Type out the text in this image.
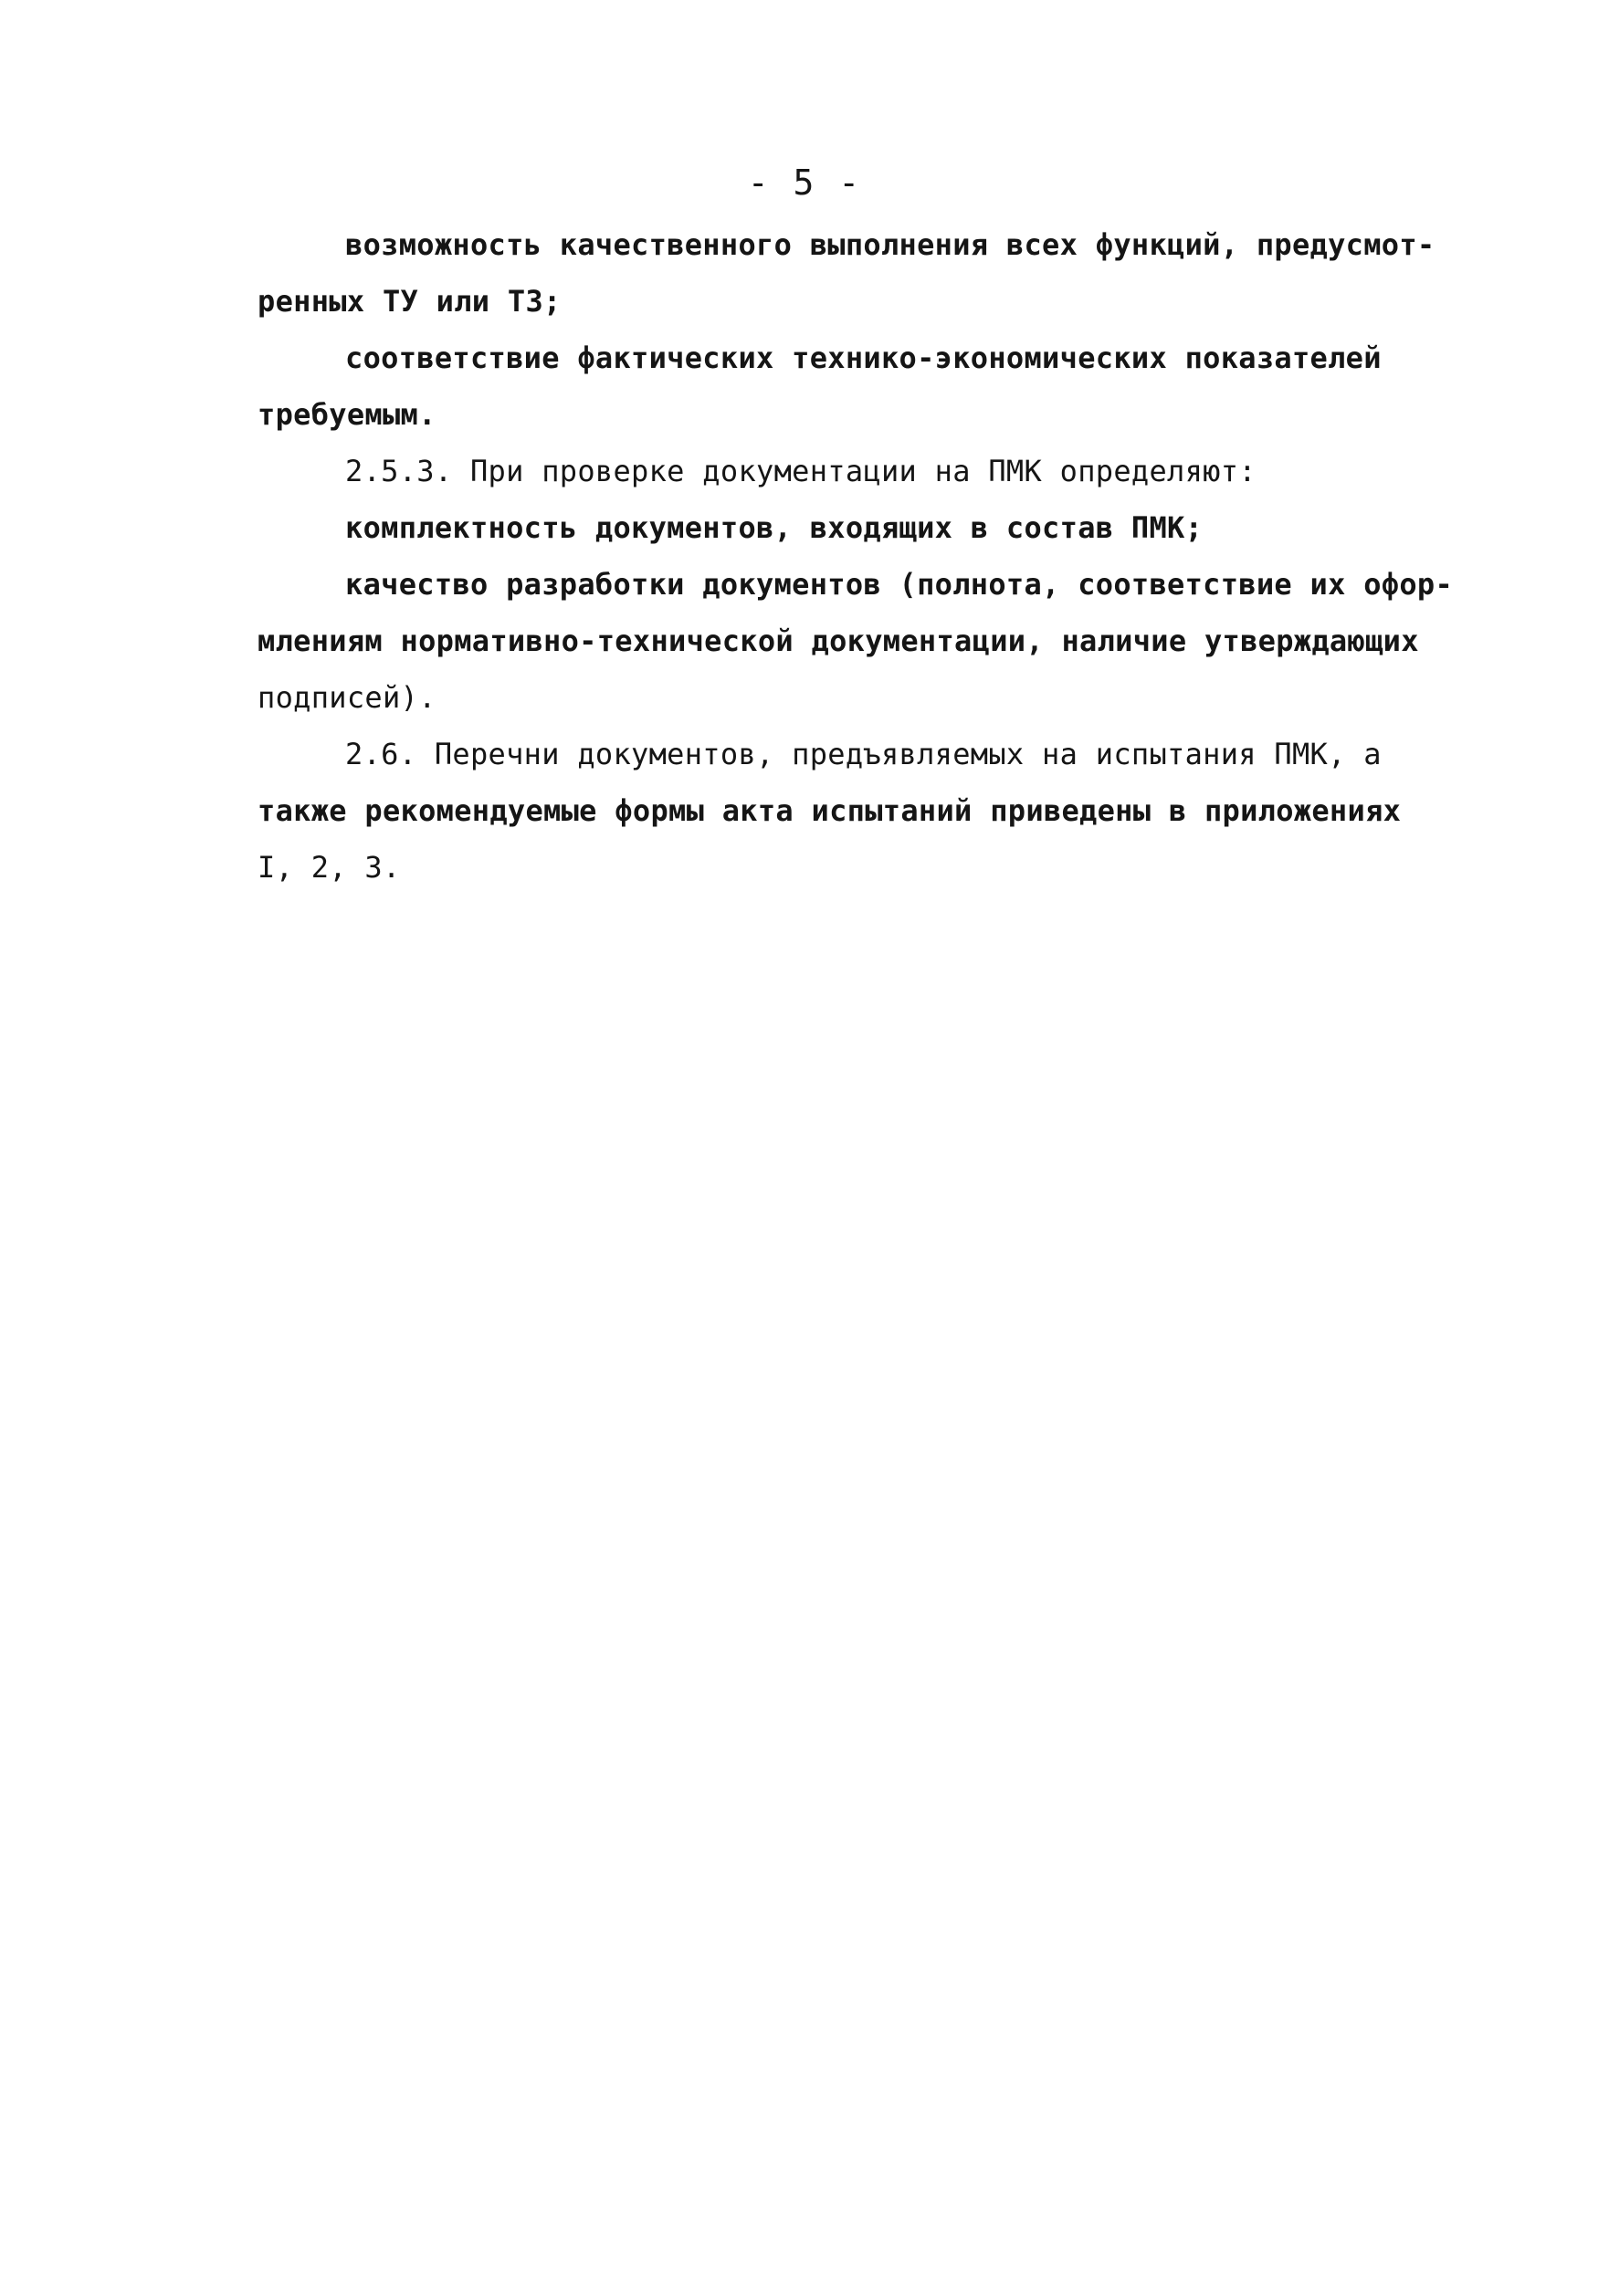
- 5 -
возможность качественного выполнения всех функций, предусмот-
ренных ТУ или ТЗ;
соответствие фактических технико-экономических показателей
требуемым.
2.5.3. При проверке документации на ПМК определяют:
комплектность документов, входящих в состав ПМК;
качество разработки документов (полнота, соответствие их офор-
млениям нормативно-технической документации, наличие утверждающих
подписей).
2.6. Перечни документов, предъявляемых на испытания ПМК, а
также рекомендуемые формы акта испытаний приведены в приложениях
I, 2, 3.
